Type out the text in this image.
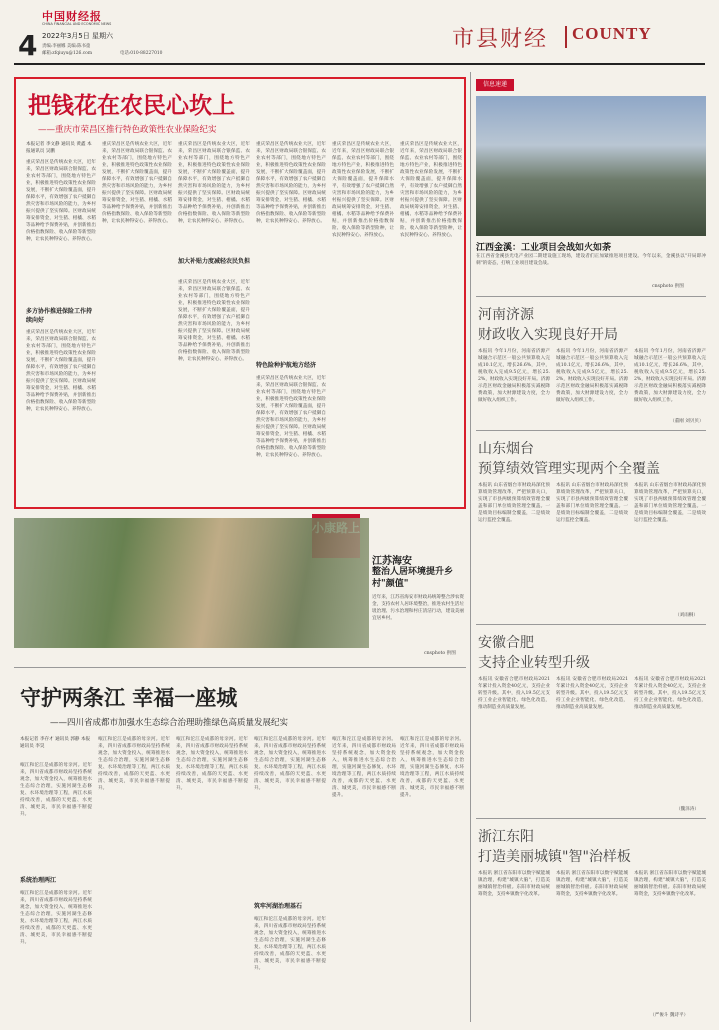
中国财经报
CHINA FINANCIAL AND ECONOMIC NEWS
4 2022年3月5日 星期六
责编:李丽娜 美编:陈书童
邮箱:zfqiuyu@126.com	电话:010-88227010
市县财经 COUNTY
把钱花在农民心坎上
——重庆市荣昌区推行特色政策性农业保险纪实
本报记者 李文静 通讯员 黄鑫 本报通讯员 吴鹏
重庆荣昌区是传统农业大区，近年来，荣昌区财政局联合银保监、农业农村等部门，围绕地方特色产业，积极推进特色政策性农业保险发展，不断扩大保险覆盖面，提升保障水平，有效增强了农户抵御自然灾害和市场风险的能力，为乡村振兴提供了坚实保障。区财政局统筹安排资金，对生猪、柑橘、水稻等品种给予保费补贴，并创新推出价格指数保险、收入保险等新型险种，让农民种得安心、养得放心。
多方协作推进保险工作持续向好
重庆荣昌区是传统农业大区，近年来，荣昌区财政局联合银保监、农业农村等部门，围绕地方特色产业，积极推进特色政策性农业保险发展，不断扩大保险覆盖面，提升保障水平，有效增强了农户抵御自然灾害和市场风险的能力，为乡村振兴提供了坚实保障。区财政局统筹安排资金，对生猪、柑橘、水稻等品种给予保费补贴，并创新推出价格指数保险、收入保险等新型险种，让农民种得安心、养得放心。
重庆荣昌区是传统农业大区，近年来，荣昌区财政局联合银保监、农业农村等部门，围绕地方特色产业，积极推进特色政策性农业保险发展，不断扩大保险覆盖面，提升保障水平，有效增强了农户抵御自然灾害和市场风险的能力，为乡村振兴提供了坚实保障。区财政局统筹安排资金，对生猪、柑橘、水稻等品种给予保费补贴，并创新推出价格指数保险、收入保险等新型险种，让农民种得安心、养得放心。
重庆荣昌区是传统农业大区，近年来，荣昌区财政局联合银保监、农业农村等部门，围绕地方特色产业，积极推进特色政策性农业保险发展，不断扩大保险覆盖面，提升保障水平，有效增强了农户抵御自然灾害和市场风险的能力，为乡村振兴提供了坚实保障。区财政局统筹安排资金，对生猪、柑橘、水稻等品种给予保费补贴，并创新推出价格指数保险、收入保险等新型险种，让农民种得安心、养得放心。
加大补贴力度减轻农民负担
重庆荣昌区是传统农业大区，近年来，荣昌区财政局联合银保监、农业农村等部门，围绕地方特色产业，积极推进特色政策性农业保险发展，不断扩大保险覆盖面，提升保障水平，有效增强了农户抵御自然灾害和市场风险的能力，为乡村振兴提供了坚实保障。区财政局统筹安排资金，对生猪、柑橘、水稻等品种给予保费补贴，并创新推出价格指数保险、收入保险等新型险种，让农民种得安心、养得放心。
重庆荣昌区是传统农业大区，近年来，荣昌区财政局联合银保监、农业农村等部门，围绕地方特色产业，积极推进特色政策性农业保险发展，不断扩大保险覆盖面，提升保障水平，有效增强了农户抵御自然灾害和市场风险的能力，为乡村振兴提供了坚实保障。区财政局统筹安排资金，对生猪、柑橘、水稻等品种给予保费补贴，并创新推出价格指数保险、收入保险等新型险种，让农民种得安心、养得放心。
特色险种护航地方经济
重庆荣昌区是传统农业大区，近年来，荣昌区财政局联合银保监、农业农村等部门，围绕地方特色产业，积极推进特色政策性农业保险发展，不断扩大保险覆盖面，提升保障水平，有效增强了农户抵御自然灾害和市场风险的能力，为乡村振兴提供了坚实保障。区财政局统筹安排资金，对生猪、柑橘、水稻等品种给予保费补贴，并创新推出价格指数保险、收入保险等新型险种，让农民种得安心、养得放心。
重庆荣昌区是传统农业大区，近年来，荣昌区财政局联合银保监、农业农村等部门，围绕地方特色产业，积极推进特色政策性农业保险发展，不断扩大保险覆盖面，提升保障水平，有效增强了农户抵御自然灾害和市场风险的能力，为乡村振兴提供了坚实保障。区财政局统筹安排资金，对生猪、柑橘、水稻等品种给予保费补贴，并创新推出价格指数保险、收入保险等新型险种，让农民种得安心、养得放心。
重庆荣昌区是传统农业大区，近年来，荣昌区财政局联合银保监、农业农村等部门，围绕地方特色产业，积极推进特色政策性农业保险发展，不断扩大保险覆盖面，提升保障水平，有效增强了农户抵御自然灾害和市场风险的能力，为乡村振兴提供了坚实保障。区财政局统筹安排资金，对生猪、柑橘、水稻等品种给予保费补贴，并创新推出价格指数保险、收入保险等新型险种，让农民种得安心、养得放心。
江苏海安
整治人居环境提升乡村"颜值"
近年来，江苏省海安市财政局统筹整合涉农资金，支持农村人居环境整治，推进农村生活垃圾治理、污水治理和村庄清洁行动，建设美丽宜居乡村。
cnsphoto 供图
守护两条江 幸福一座城
——四川省成都市加强水生态综合治理助推绿色高质量发展纪实
本报记者 李存才 通讯员 郭静 本报通讯员 李昊
岷江和沱江是成都的母亲河。近年来，四川省成都市财政局坚持系统观念，加大资金投入，统筹推进水生态综合治理，实施河湖生态修复、水环境治理等工程，两江水质持续改善，成都的天更蓝、水更清、城更美，市民幸福感不断提升。
系统治理两江
岷江和沱江是成都的母亲河。近年来，四川省成都市财政局坚持系统观念，加大资金投入，统筹推进水生态综合治理，实施河湖生态修复、水环境治理等工程，两江水质持续改善，成都的天更蓝、水更清、城更美，市民幸福感不断提升。
岷江和沱江是成都的母亲河。近年来，四川省成都市财政局坚持系统观念，加大资金投入，统筹推进水生态综合治理，实施河湖生态修复、水环境治理等工程，两江水质持续改善，成都的天更蓝、水更清、城更美，市民幸福感不断提升。
岷江和沱江是成都的母亲河。近年来，四川省成都市财政局坚持系统观念，加大资金投入，统筹推进水生态综合治理，实施河湖生态修复、水环境治理等工程，两江水质持续改善，成都的天更蓝、水更清、城更美，市民幸福感不断提升。
岷江和沱江是成都的母亲河。近年来，四川省成都市财政局坚持系统观念，加大资金投入，统筹推进水生态综合治理，实施河湖生态修复、水环境治理等工程，两江水质持续改善，成都的天更蓝、水更清、城更美，市民幸福感不断提升。
筑牢河湖治理基石
岷江和沱江是成都的母亲河。近年来，四川省成都市财政局坚持系统观念，加大资金投入，统筹推进水生态综合治理，实施河湖生态修复、水环境治理等工程，两江水质持续改善，成都的天更蓝、水更清、城更美，市民幸福感不断提升。
岷江和沱江是成都的母亲河。近年来，四川省成都市财政局坚持系统观念，加大资金投入，统筹推进水生态综合治理，实施河湖生态修复、水环境治理等工程，两江水质持续改善，成都的天更蓝、水更清、城更美，市民幸福感不断提升。
岷江和沱江是成都的母亲河。近年来，四川省成都市财政局坚持系统观念，加大资金投入，统筹推进水生态综合治理，实施河湖生态修复、水环境治理等工程，两江水质持续改善，成都的天更蓝、水更清、城更美，市民幸福感不断提升。
信息速递
江西金溪：工业项目会战如火如荼
在江西省金溪县光电产业园二期建设施工现场，建设者们正加紧推进项目建设。今年以来，金溪县以"开局即冲刺"的姿态，打响工业项目建设会战。
cnsphoto 供图
河南济源
财政收入实现良好开局
本报讯 今年1月份，河南省济源产城融合示范区一般公共预算收入完成10.1亿元，增长26.6%，其中，税收收入完成9.5亿元，增长25.2%，财政收入实现良好开局。济源示范区财政金融局积极落实减税降费政策，加大财源建设力度，全力做好收入组织工作。
本报讯 今年1月份，河南省济源产城融合示范区一般公共预算收入完成10.1亿元，增长26.6%，其中，税收收入完成9.5亿元，增长25.2%，财政收入实现良好开局。济源示范区财政金融局积极落实减税降费政策，加大财源建设力度，全力做好收入组织工作。
本报讯 今年1月份，河南省济源产城融合示范区一般公共预算收入完成10.1亿元，增长26.6%，其中，税收收入完成9.5亿元，增长25.2%，财政收入实现良好开局。济源示范区财政金融局积极落实减税降费政策，加大财源建设力度，全力做好收入组织工作。
（董刚 刘贝贝）
山东烟台
预算绩效管理实现两个全覆盖
本报讯 山东省烟台市财政局深化预算绩效管理改革，严把预算关口，实现了市县两级预算绩效管理全覆盖和部门单位绩效管理全覆盖。一是绩效目标编制全覆盖，二是绩效运行监控全覆盖。
本报讯 山东省烟台市财政局深化预算绩效管理改革，严把预算关口，实现了市县两级预算绩效管理全覆盖和部门单位绩效管理全覆盖。一是绩效目标编制全覆盖，二是绩效运行监控全覆盖。
本报讯 山东省烟台市财政局深化预算绩效管理改革，严把预算关口，实现了市县两级预算绩效管理全覆盖和部门单位绩效管理全覆盖。一是绩效目标编制全覆盖，二是绩效运行监控全覆盖。
（刘雨桐）
安徽合肥
支持企业转型升级
本报讯 安徽省合肥市财政局2021年累计投入资金40亿元，支持企业转型升级。其中，投入19.5亿元支持工业企业智能化、绿色化改造，推动制造业高质量发展。
本报讯 安徽省合肥市财政局2021年累计投入资金40亿元，支持企业转型升级。其中，投入19.5亿元支持工业企业智能化、绿色化改造，推动制造业高质量发展。
本报讯 安徽省合肥市财政局2021年累计投入资金40亿元，支持企业转型升级。其中，投入19.5亿元支持工业企业智能化、绿色化改造，推动制造业高质量发展。
（魏泽涛）
浙江东阳
打造美丽城镇"智"治样板
本报讯 浙江省东阳市以数字赋能城镇治理，构建"城镇大脑"，打造美丽城镇智治样板。东阳市财政局统筹资金，支持乡镇数字化改革。
本报讯 浙江省东阳市以数字赋能城镇治理，构建"城镇大脑"，打造美丽城镇智治样板。东阳市财政局统筹资金，支持乡镇数字化改革。
本报讯 浙江省东阳市以数字赋能城镇治理，构建"城镇大脑"，打造美丽城镇智治样板。东阳市财政局统筹资金，支持乡镇数字化改革。
（严俊斗 魏诗平）
